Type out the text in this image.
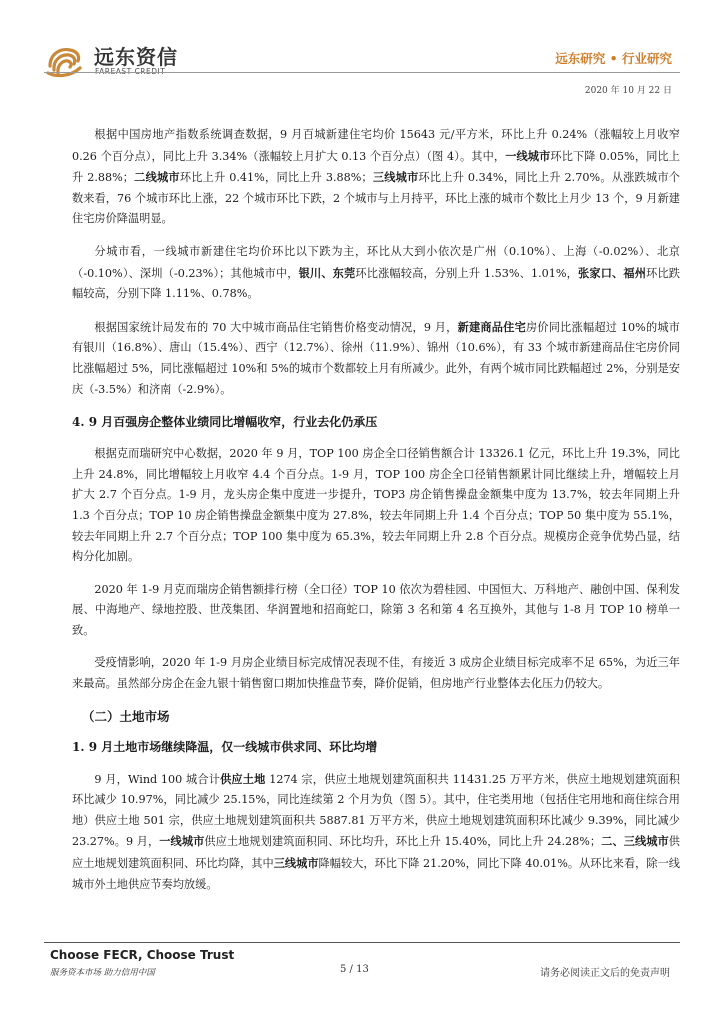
远东资信	远东研究 • 行业研究
2020 年 10 月 22 日

根据中国房地产指数系统调查数据，9 月百城新建住宅均价 15643 元/平方米，环比上升 0.24%（涨幅较上月收窄 0.26 个百分点），同比上升 3.34%（涨幅较上月扩大 0.13 个百分点）（图 4）。其中，一线城市环比下降 0.05%，同比上升 2.88%；二线城市环比上升 0.41%，同比上升 3.88%；三线城市环比上升 0.34%，同比上升 2.70%。从涨跌城市个数来看，76 个城市环比上涨，22 个城市环比下跌，2 个城市与上月持平，环比上涨的城市个数比上月少 13 个，9 月新建住宅房价降温明显。

分城市看，一线城市新建住宅均价环比以下跌为主，环比从大到小依次是广州（0.10%）、上海（-0.02%）、北京（-0.10%）、深圳（-0.23%）；其他城市中，银川、东莞环比涨幅较高，分别上升 1.53%、1.01%，张家口、福州环比跌幅较高，分别下降 1.11%、0.78%。

根据国家统计局发布的 70 大中城市商品住宅销售价格变动情况，9 月，新建商品住宅房价同比涨幅超过 10%的城市有银川（16.8%）、唐山（15.4%）、西宁（12.7%）、徐州（11.9%）、锦州（10.6%），有 33 个城市新建商品住宅房价同比涨幅超过 5%，同比涨幅超过 10%和 5%的城市个数都较上月有所减少。此外，有两个城市同比跌幅超过 2%，分别是安庆（-3.5%）和济南（-2.9%）。

4. 9 月百强房企整体业绩同比增幅收窄，行业去化仍承压

根据克而瑞研究中心数据，2020 年 9 月，TOP 100 房企全口径销售额合计 13326.1 亿元，环比上升 19.3%，同比上升 24.8%，同比增幅较上月收窄 4.4 个百分点。1-9 月，TOP 100 房企全口径销售额累计同比继续上升，增幅较上月扩大 2.7 个百分点。1-9 月，龙头房企集中度进一步提升，TOP3 房企销售操盘金额集中度为 13.7%，较去年同期上升 1.3 个百分点；TOP 10 房企销售操盘金额集中度为 27.8%，较去年同期上升 1.4 个百分点；TOP 50 集中度为 55.1%，较去年同期上升 2.7 个百分点；TOP 100 集中度为 65.3%，较去年同期上升 2.8 个百分点。规模房企竞争优势凸显，结构分化加剧。

2020 年 1-9 月克而瑞房企销售额排行榜（全口径）TOP 10 依次为碧桂园、中国恒大、万科地产、融创中国、保利发展、中海地产、绿地控股、世茂集团、华润置地和招商蛇口，除第 3 名和第 4 名互换外，其他与 1-8 月 TOP 10 榜单一致。

受疫情影响，2020 年 1-9 月房企业绩目标完成情况表现不佳，有接近 3 成房企业绩目标完成率不足 65%，为近三年来最高。虽然部分房企在金九银十销售窗口期加快推盘节奏，降价促销，但房地产行业整体去化压力仍较大。

（二）土地市场
1. 9 月土地市场继续降温，仅一线城市供求同、环比均增

9 月，Wind 100 城合计供应土地 1274 宗，供应土地规划建筑面积共 11431.25 万平方米，供应土地规划建筑面积环比减少 10.97%，同比减少 25.15%，同比连续第 2 个月为负（图 5）。其中，住宅类用地（包括住宅用地和商住综合用地）供应土地 501 宗，供应土地规划建筑面积共 5887.81 万平方米，供应土地规划建筑面积环比减少 9.39%，同比减少 23.27%。9 月，一线城市供应土地规划建筑面积同、环比均升，环比上升 15.40%，同比上升 24.28%；二、三线城市供应土地规划建筑面积同、环比均降，其中三线城市降幅较大，环比下降 21.20%，同比下降 40.01%。从环比来看，除一线城市外土地供应节奏均放缓。

Choose FECR, Choose Trust
服务资本市场 助力信用中国	5 / 13	请务必阅读正文后的免责声明
